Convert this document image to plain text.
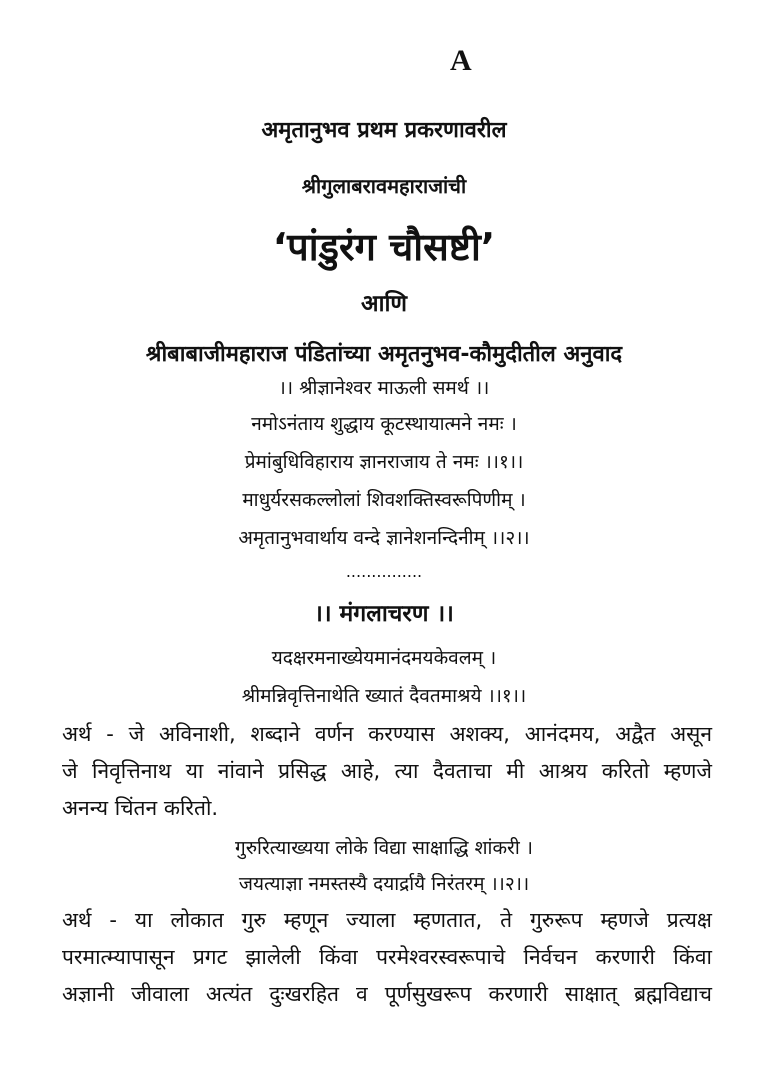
A
अमृतानुभव प्रथम प्रकरणावरील
श्रीगुलाबरावमहाराजांची
‘पांडुरंग चौसष्टी’
आणि
श्रीबाबाजीमहाराज पंडितांच्या अमृतनुभव-कौमुदीतील अनुवाद
।। श्रीज्ञानेश्वर माऊली समर्थ ।।
नमोऽनंताय शुद्धाय कूटस्थायात्मने नमः ।
प्रेमांबुधिविहाराय ज्ञानराजाय ते नमः ।।१।।
माधुर्यरसकल्लोलां शिवशक्तिस्वरूपिणीम् ।
अमृतानुभवार्थाय वन्दे ज्ञानेशनन्दिनीम् ।।२।।
...............
।। मंगलाचरण ।।
यदक्षरमनाख्येयमानंदमयकेवलम् ।
श्रीमन्निवृत्तिनाथेति ख्यातं दैवतमाश्रये ।।१।।
अर्थ - जे अविनाशी, शब्दाने वर्णन करण्यास अशक्य, आनंदमय, अद्वैत असून
जे निवृत्तिनाथ या नांवाने प्रसिद्ध आहे, त्या दैवताचा मी आश्रय करितो म्हणजे
अनन्य चिंतन करितो.
गुरुरित्याख्यया लोके विद्या साक्षाद्धि शांकरी ।
जयत्याज्ञा नमस्तस्यै दयार्द्रायै निरंतरम् ।।२।।
अर्थ - या लोकात गुरु म्हणून ज्याला म्हणतात, ते गुरुरूप म्हणजे प्रत्यक्ष
परमात्म्यापासून प्रगट झालेली किंवा परमेश्वरस्वरूपाचे निर्वचन करणारी किंवा
अज्ञानी जीवाला अत्यंत दुःखरहित व पूर्णसुखरूप करणारी साक्षात् ब्रह्मविद्याच
